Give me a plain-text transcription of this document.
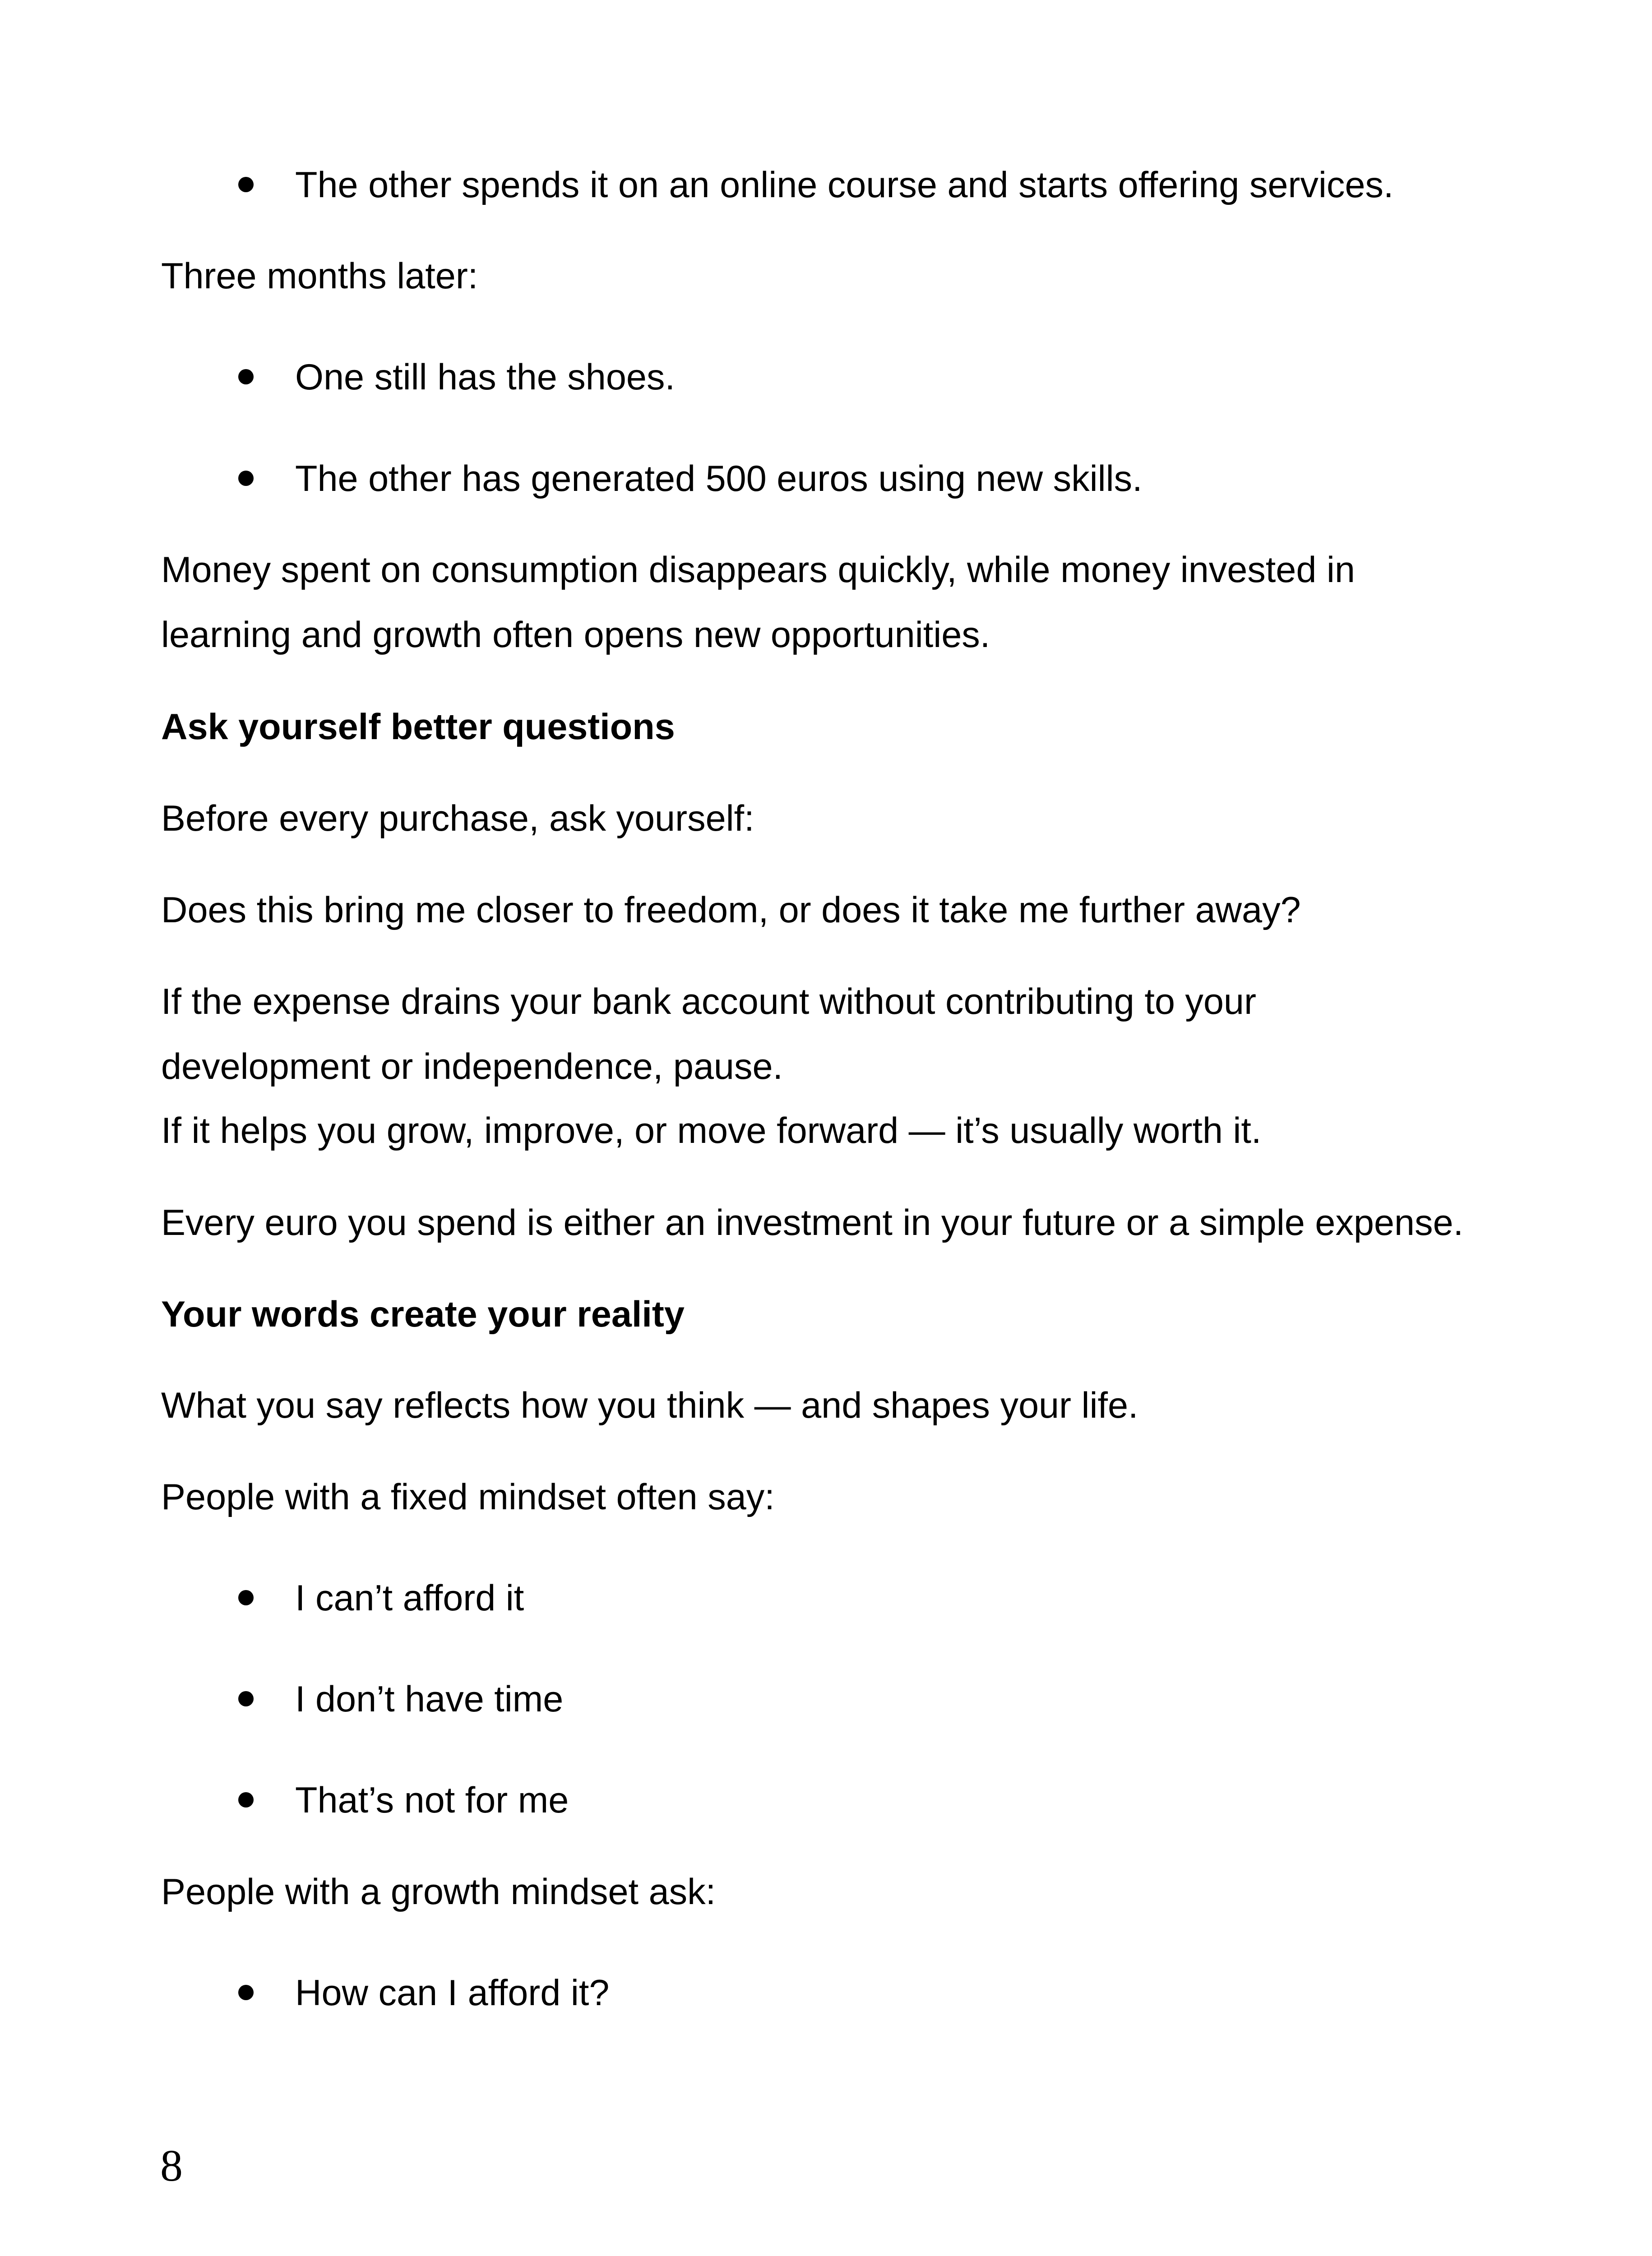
The other spends it on an online course and starts offering services.
Three months later:
One still has the shoes.
The other has generated 500 euros using new skills.
Money spent on consumption disappears quickly, while money invested in
learning and growth often opens new opportunities.
Ask yourself better questions
Before every purchase, ask yourself:
Does this bring me closer to freedom, or does it take me further away?
If the expense drains your bank account without contributing to your
development or independence, pause.
If it helps you grow, improve, or move forward — it’s usually worth it.
Every euro you spend is either an investment in your future or a simple expense.
Your words create your reality
What you say reflects how you think — and shapes your life.
People with a fixed mindset often say:
I can’t afford it
I don’t have time
That’s not for me
People with a growth mindset ask:
How can I afford it?
8
